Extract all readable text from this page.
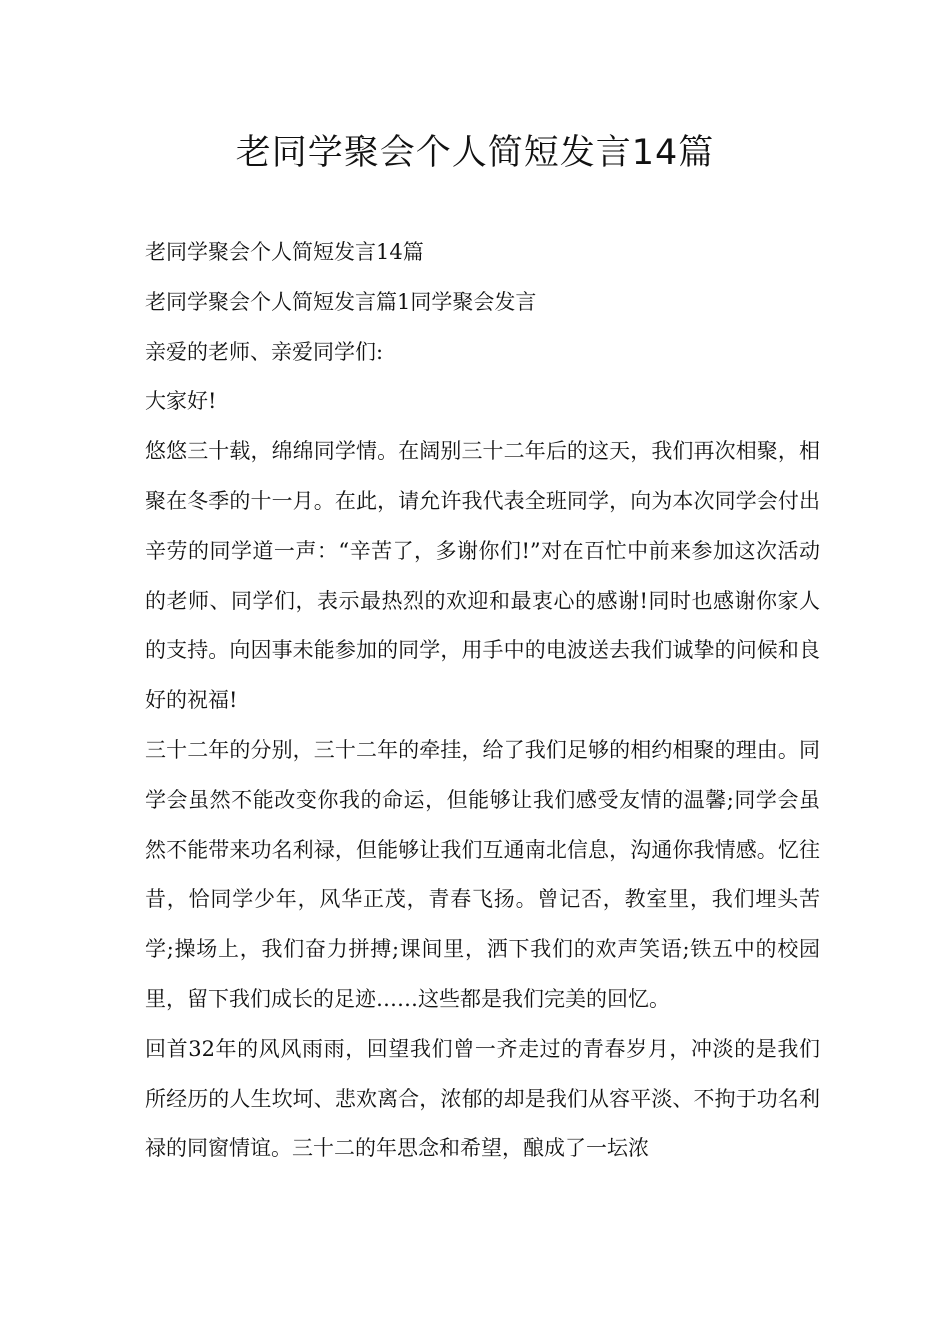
老同学聚会个人简短发言14篇

老同学聚会个人简短发言14篇

老同学聚会个人简短发言篇1同学聚会发言

亲爱的老师、亲爱同学们:

大家好!

悠悠三十载，绵绵同学情。在阔别三十二年后的这天，我们再次相聚，相聚在冬季的十一月。在此，请允许我代表全班同学，向为本次同学会付出辛劳的同学道一声：“辛苦了，多谢你们!”对在百忙中前来参加这次活动的老师、同学们，表示最热烈的欢迎和最衷心的感谢!同时也感谢你家人的支持。向因事未能参加的同学，用手中的电波送去我们诚挚的问候和良好的祝福!

三十二年的分别，三十二年的牵挂，给了我们足够的相约相聚的理由。同学会虽然不能改变你我的命运，但能够让我们感受友情的温馨;同学会虽然不能带来功名利禄，但能够让我们互通南北信息，沟通你我情感。忆往昔，恰同学少年，风华正茂，青春飞扬。曾记否，教室里，我们埋头苦学;操场上，我们奋力拼搏;课间里，洒下我们的欢声笑语;铁五中的校园里，留下我们成长的足迹……这些都是我们完美的回忆。

回首32年的风风雨雨，回望我们曾一齐走过的青春岁月，冲淡的是我们所经历的人生坎坷、悲欢离合，浓郁的却是我们从容平淡、不拘于功名利禄的同窗情谊。三十二的年思念和希望，酿成了一坛浓
